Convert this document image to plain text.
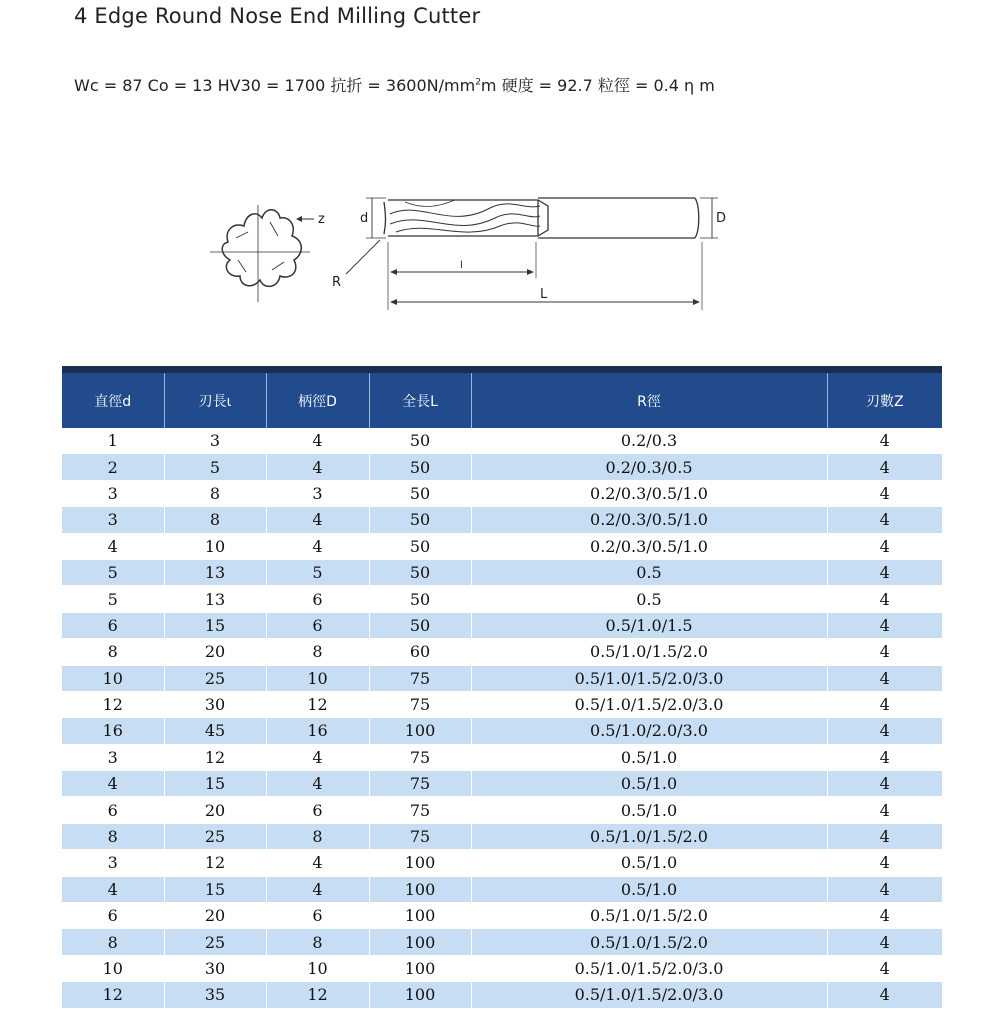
4 Edge Round Nose End Milling Cutter
Wc = 87 Co = 13 HV30 = 1700 抗折 = $3600N/mm^2m$ 硬度 = 92.7 粒徑 = 0.4 η m
z
R
d	D
l
L
直徑d	刃長ι	柄徑D	全長L	R徑	刃數Z
1	3	4	50	0.2/0.3	4
2	5	4	50	0.2/0.3/0.5	4
3	8	3	50	0.2/0.3/0.5/1.0	4
3	8	4	50	0.2/0.3/0.5/1.0	4
4	10	4	50	0.2/0.3/0.5/1.0	4
5	13	5	50	0.5	4
5	13	6	50	0.5	4
6	15	6	50	0.5/1.0/1.5	4
8	20	8	60	0.5/1.0/1.5/2.0	4
10	25	10	75	0.5/1.0/1.5/2.0/3.0	4
12	30	12	75	0.5/1.0/1.5/2.0/3.0	4
16	45	16	100	0.5/1.0/2.0/3.0	4
3	12	4	75	0.5/1.0	4
4	15	4	75	0.5/1.0	4
6	20	6	75	0.5/1.0	4
8	25	8	75	0.5/1.0/1.5/2.0	4
3	12	4	100	0.5/1.0	4
4	15	4	100	0.5/1.0	4
6	20	6	100	0.5/1.0/1.5/2.0	4
8	25	8	100	0.5/1.0/1.5/2.0	4
10	30	10	100	0.5/1.0/1.5/2.0/3.0	4
12	35	12	100	0.5/1.0/1.5/2.0/3.0	4
